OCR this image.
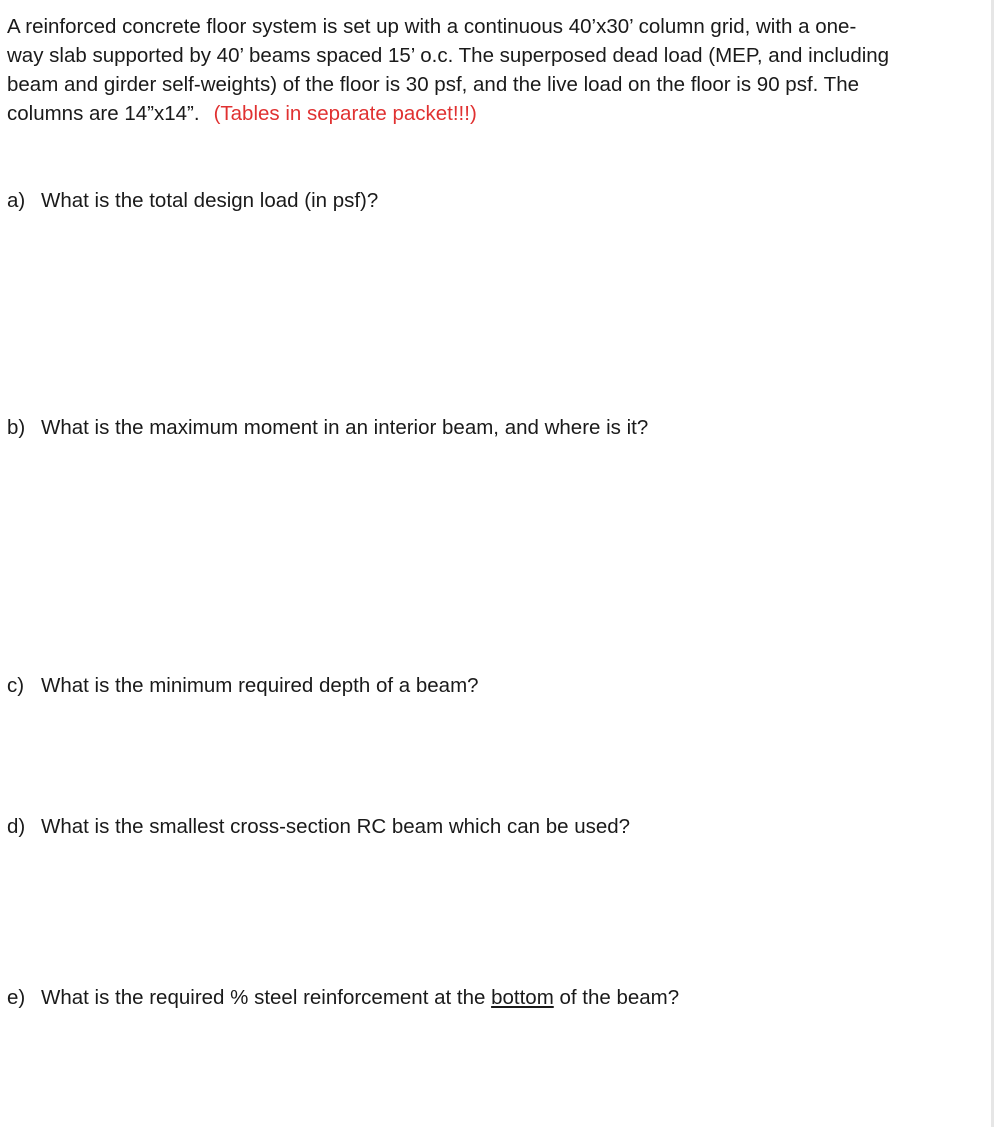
A reinforced concrete floor system is set up with a continuous 40’x30’ column grid, with a one-
way slab supported by 40’ beams spaced 15’ o.c. The superposed dead load (MEP, and including
beam and girder self-weights) of the floor is 30 psf, and the live load on the floor is 90 psf. The
columns are 14”x14”. (Tables in separate packet!!!)

a) What is the total design load (in psf)?

b) What is the maximum moment in an interior beam, and where is it?

c) What is the minimum required depth of a beam?

d) What is the smallest cross-section RC beam which can be used?

e) What is the required % steel reinforcement at the bottom of the beam?
